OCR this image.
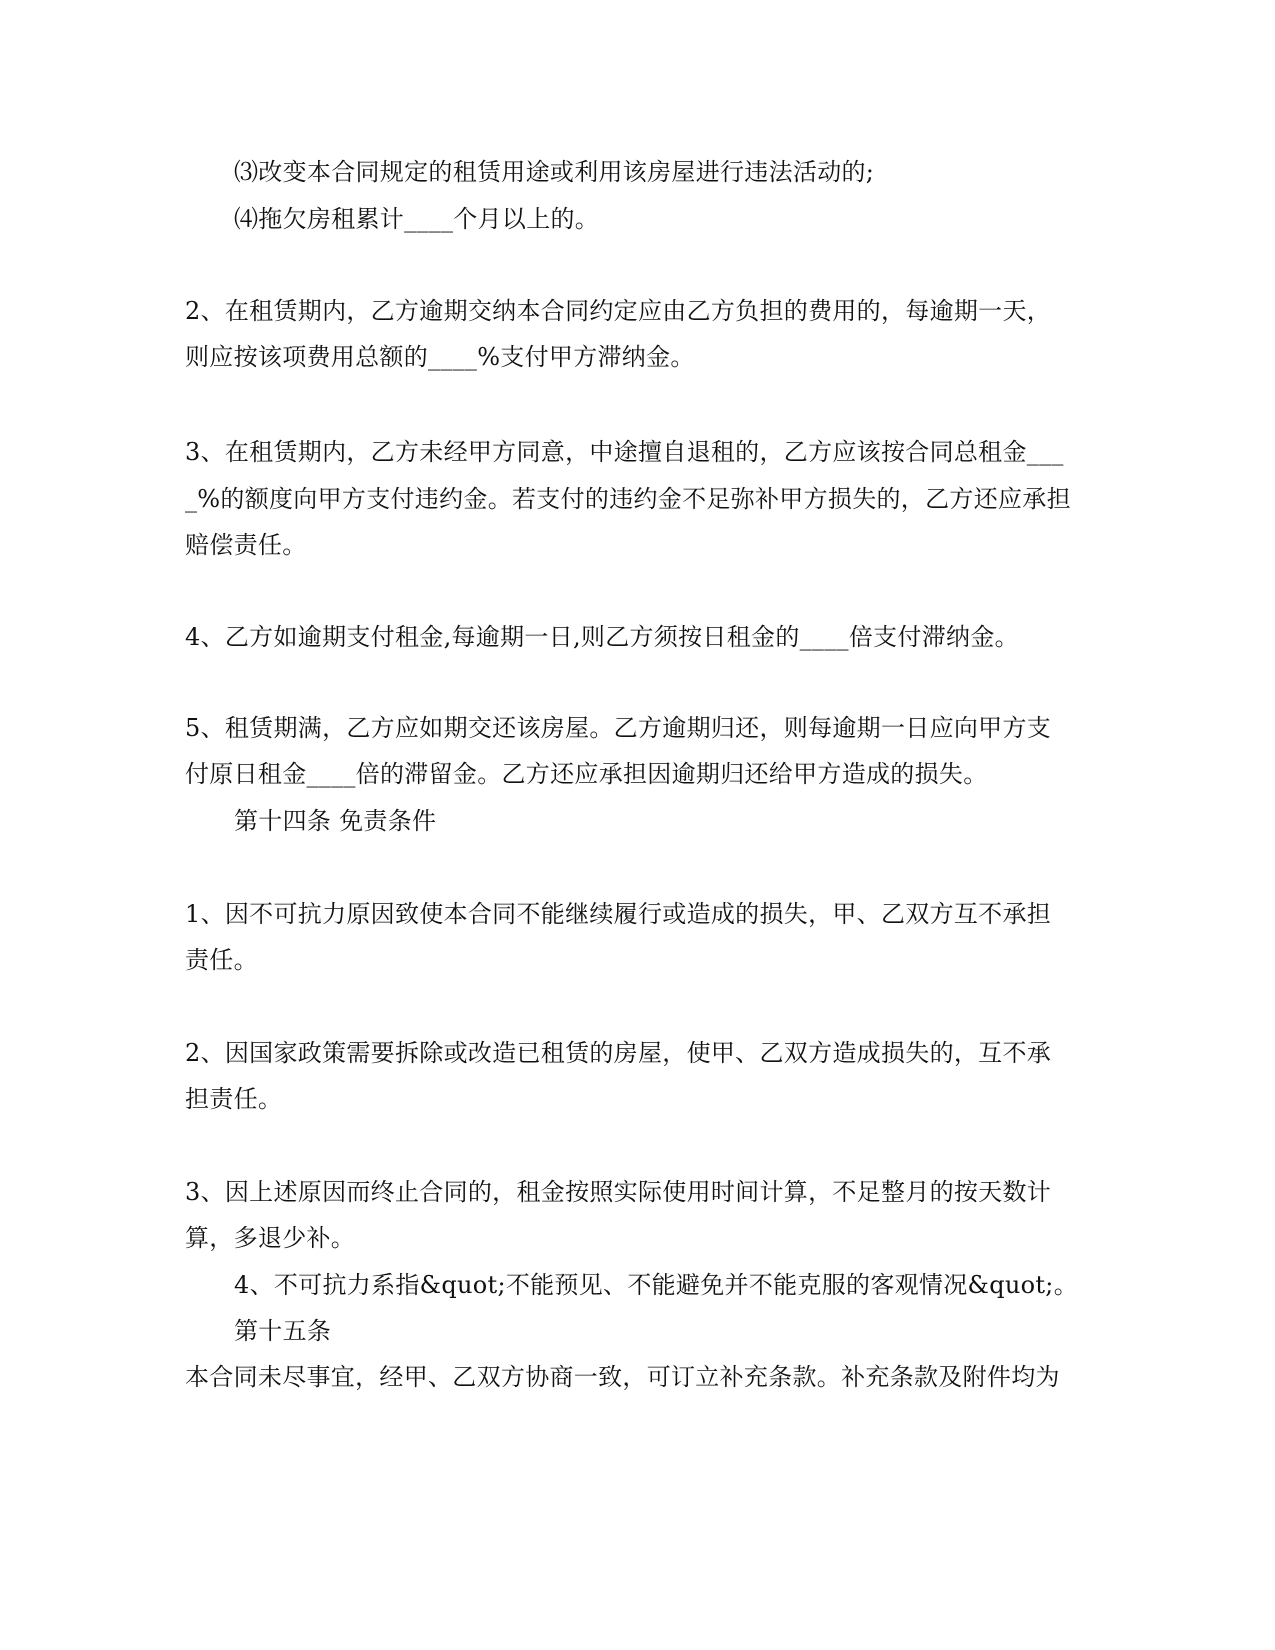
⑶改变本合同规定的租赁用途或利用该房屋进行违法活动的;
⑷拖欠房租累计____个月以上的。
2、在租赁期内，乙方逾期交纳本合同约定应由乙方负担的费用的，每逾期一天，
则应按该项费用总额的____%支付甲方滞纳金。
3、在租赁期内，乙方未经甲方同意，中途擅自退租的，乙方应该按合同总租金___
_%的额度向甲方支付违约金。若支付的违约金不足弥补甲方损失的，乙方还应承担
赔偿责任。
4、乙方如逾期支付租金,每逾期一日,则乙方须按日租金的____倍支付滞纳金。
5、租赁期满，乙方应如期交还该房屋。乙方逾期归还，则每逾期一日应向甲方支
付原日租金____倍的滞留金。乙方还应承担因逾期归还给甲方造成的损失。
第十四条 免责条件
1、因不可抗力原因致使本合同不能继续履行或造成的损失，甲、乙双方互不承担
责任。
2、因国家政策需要拆除或改造已租赁的房屋，使甲、乙双方造成损失的，互不承
担责任。
3、因上述原因而终止合同的，租金按照实际使用时间计算，不足整月的按天数计
算，多退少补。
4、不可抗力系指&quot;不能预见、不能避免并不能克服的客观情况&quot;。
第十五条
本合同未尽事宜，经甲、乙双方协商一致，可订立补充条款。补充条款及附件均为
